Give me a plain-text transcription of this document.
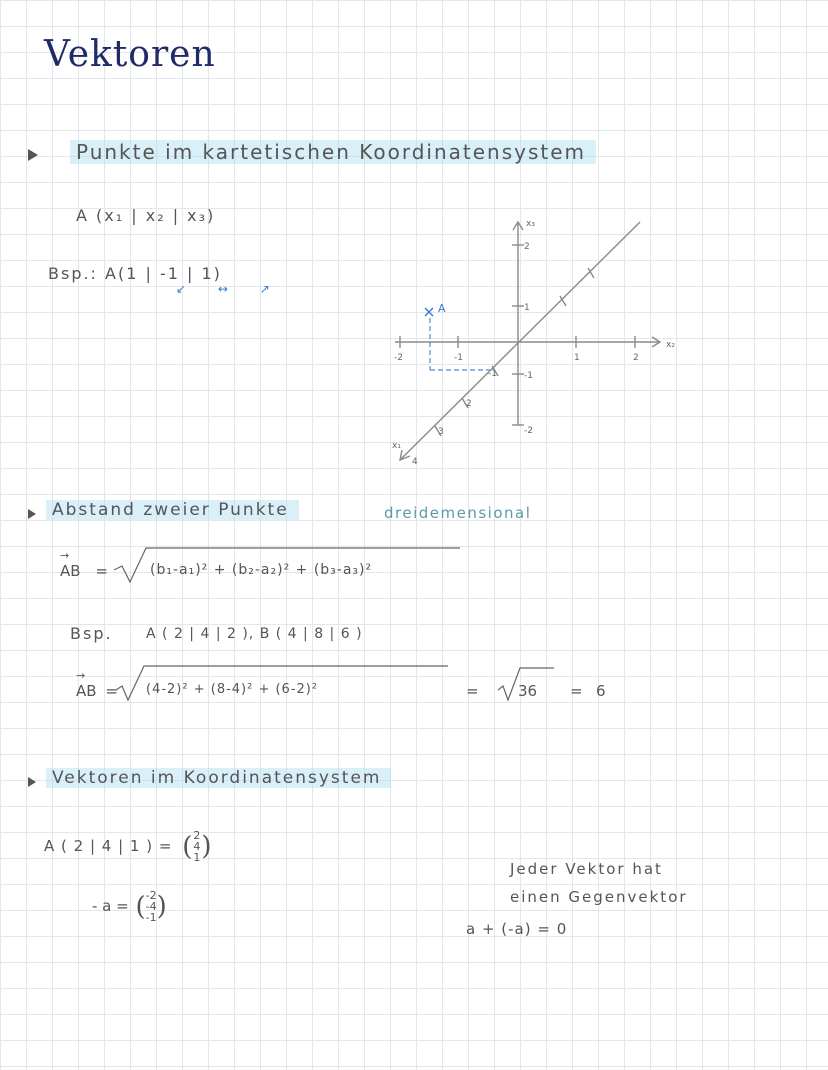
Vektoren
Punkte im kartetischen Koordinatensystem
A (x₁ | x₂ | x₃)
Bsp.: A(1 | -1 | 1)
↙ ↔ ↗
A
x₂
x₃
x₁
-2	-1	1	2
2
1
-1
-2
-1
2
3
4
Abstand zweier Punkte	dreidemensional
→ AB =	(b₁-a₁)² + (b₂-a₂)² + (b₃-a₃)²
Bsp. A ( 2 | 4 | 2 ), B ( 4 | 8 | 6 )
→ AB = (4-2)² + (8-4)² + (6-2)²	=	36 = 6
Vektoren im Koordinatensystem
A ( 2 | 4 | 1 ) = ( 2
4
1 )
- a = ( -2
-4
-1 )
Jeder Vektor hat
einen Gegenvektor
a + (-a) = 0
